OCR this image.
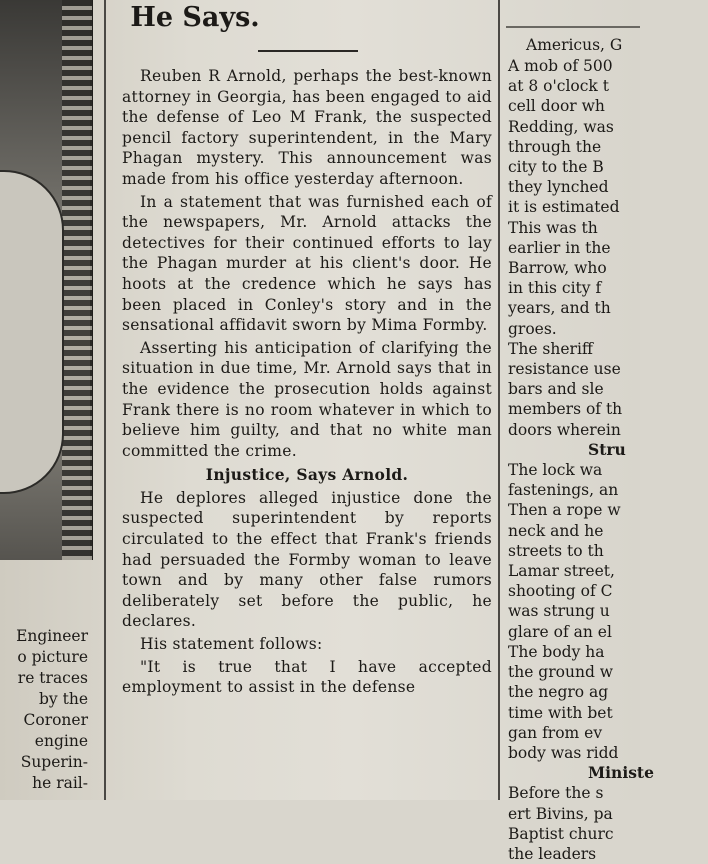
Engineer
o picture
re traces
by the
Coroner
engine
Superin-
he rail-
He Says.

Reuben R Arnold, perhaps the best-known attorney in Georgia, has been engaged to aid the defense of Leo M Frank, the suspected pencil factory superintendent, in the Mary Phagan mystery. This announcement was made from his office yesterday afternoon.

In a statement that was furnished each of the newspapers, Mr. Arnold attacks the detectives for their continued efforts to lay the Phagan murder at his client's door. He hoots at the credence which he says has been placed in Conley's story and in the sensational affidavit sworn by Mima Formby.

Asserting his anticipation of clarifying the situation in due time, Mr. Arnold says that in the evidence the prosecution holds against Frank there is no room whatever in which to believe him guilty, and that no white man committed the crime.

Injustice, Says Arnold.

He deplores alleged injustice done the suspected superintendent by reports circulated to the effect that Frank's friends had persuaded the Formby woman to leave town and by many other false rumors deliberately set before the public, he declares.

His statement follows:

"It is true that I have accepted employment to assist in the defense

Americus, G
A mob of 500
at 8 o'clock t
cell door wh
Redding, was
through the
city to the B
they lynched
it is estimated
This was th
earlier in the
Barrow, who
in this city f
years, and th
groes.
The sheriff
resistance use
bars and sle
members of th
doors wherein
Stru
The lock wa
fastenings, an
Then a rope w
neck and he
streets to th
Lamar street,
shooting of C
was strung u
glare of an el
The body ha
the ground w
the negro ag
time with bet
gan from ev
body was ridd
Ministe
Before the s
ert Bivins, pa
Baptist churc
the leaders
